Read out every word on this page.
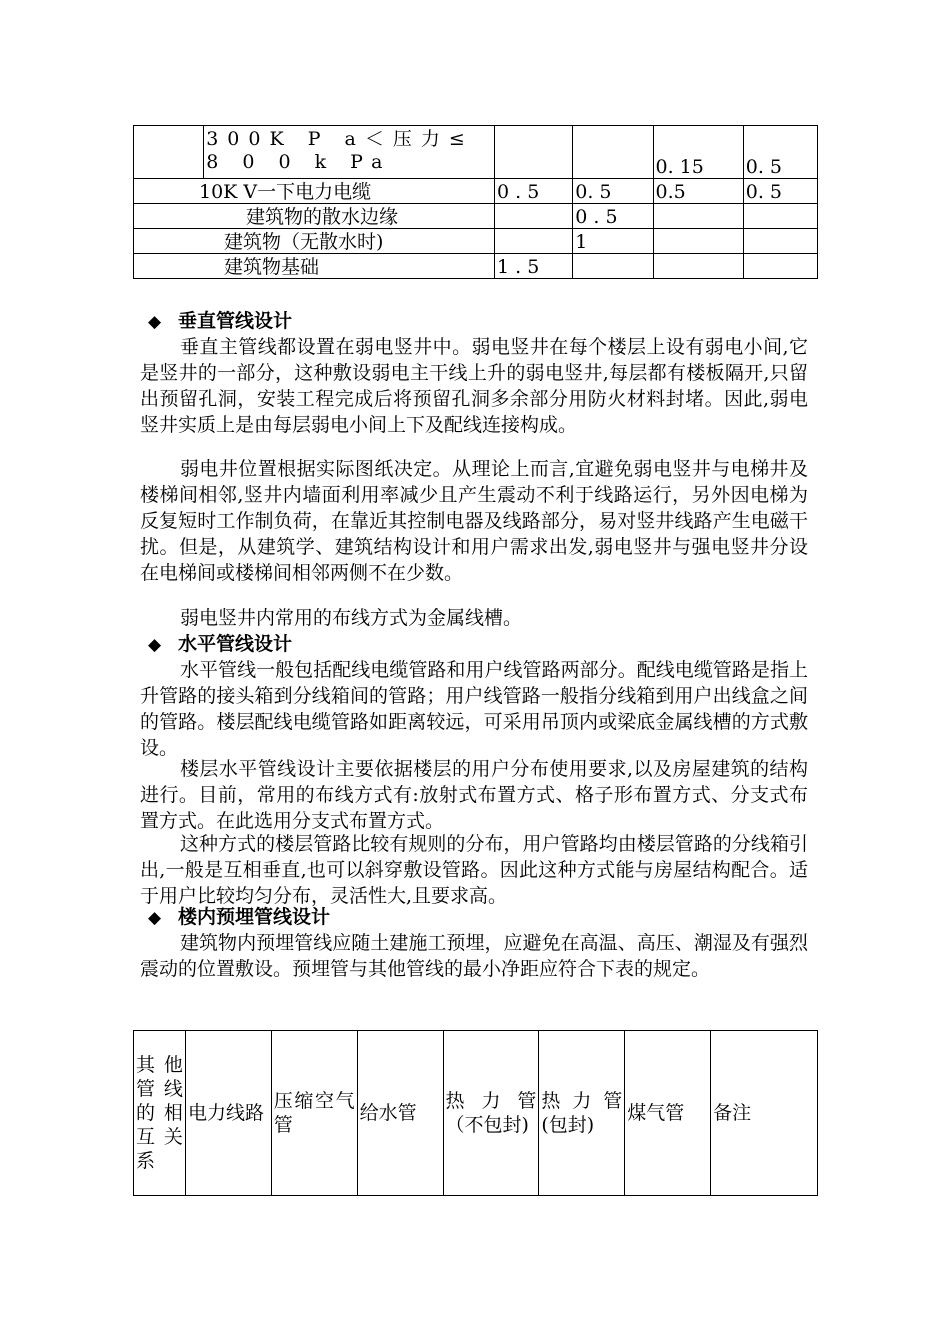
	300K P a＜压力≤ 8 0 0 k Pa			0. 15	0. 5
10K V一下电力电缆		0 . 5	0. 5	0.5	0. 5
建筑物的散水边缘			0 . 5		
建筑物（无散水时)			1		
建筑物基础		1 . 5			
◆ 垂直管线设计

垂直主管线都设置在弱电竖井中。弱电竖井在每个楼层上设有弱电小间,它是竖井的一部分，这种敷设弱电主干线上升的弱电竖井,每层都有楼板隔开,只留出预留孔洞，安装工程完成后将预留孔洞多余部分用防火材料封堵。因此,弱电竖井实质上是由每层弱电小间上下及配线连接构成。

弱电井位置根据实际图纸决定。从理论上而言,宜避免弱电竖井与电梯井及楼梯间相邻,竖井内墙面利用率减少且产生震动不利于线路运行，另外因电梯为反复短时工作制负荷，在靠近其控制电器及线路部分，易对竖井线路产生电磁干扰。但是，从建筑学、建筑结构设计和用户需求出发,弱电竖井与强电竖井分设在电梯间或楼梯间相邻两侧不在少数。

弱电竖井内常用的布线方式为金属线槽。

◆ 水平管线设计

水平管线一般包括配线电缆管路和用户线管路两部分。配线电缆管路是指上升管路的接头箱到分线箱间的管路；用户线管路一般指分线箱到用户出线盒之间的管路。楼层配线电缆管路如距离较远，可采用吊顶内或梁底金属线槽的方式敷设。

楼层水平管线设计主要依据楼层的用户分布使用要求,以及房屋建筑的结构进行。目前，常用的布线方式有:放射式布置方式、格子形布置方式、分支式布置方式。在此选用分支式布置方式。

这种方式的楼层管路比较有规则的分布，用户管路均由楼层管路的分线箱引出,一般是互相垂直,也可以斜穿敷设管路。因此这种方式能与房屋结构配合。适于用户比较均匀分布，灵活性大,且要求高。

◆ 楼内预埋管线设计

建筑物内预埋管线应随土建施工预埋，应避免在高温、高压、潮湿及有强烈震动的位置敷设。预埋管与其他管线的最小净距应符合下表的规定。

其他管线的相互关系	电力线路	压缩空气管	给水管	热力管（不包封)	热力管(包封)	煤气管	备注
